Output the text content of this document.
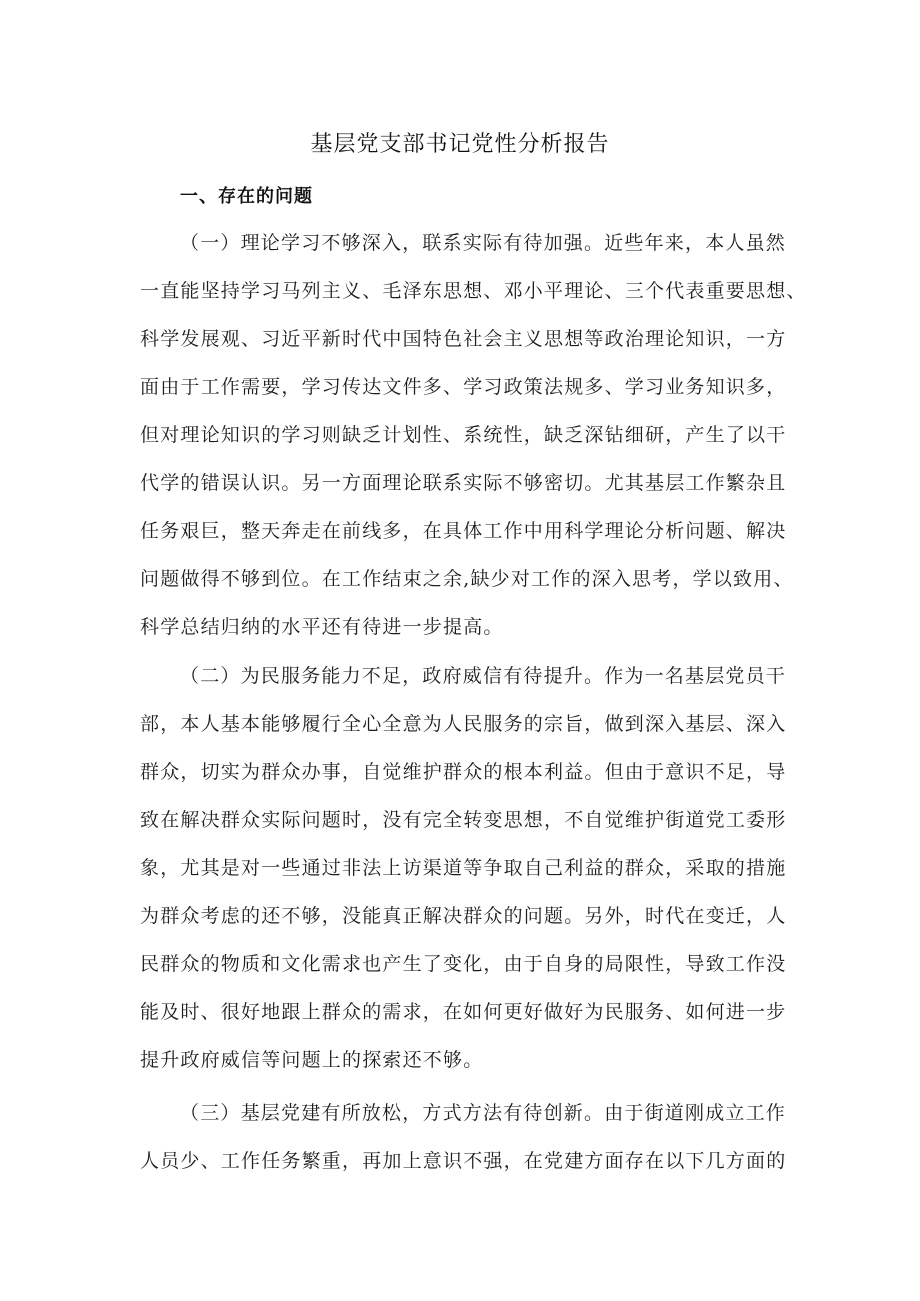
基层党支部书记党性分析报告
一、存在的问题
（一）理论学习不够深入，联系实际有待加强。近些年来，本人虽然
一直能坚持学习马列主义、毛泽东思想、邓小平理论、三个代表重要思想、
科学发展观、习近平新时代中国特色社会主义思想等政治理论知识，一方
面由于工作需要，学习传达文件多、学习政策法规多、学习业务知识多，
但对理论知识的学习则缺乏计划性、系统性，缺乏深钻细研，产生了以干
代学的错误认识。另一方面理论联系实际不够密切。尤其基层工作繁杂且
任务艰巨，整天奔走在前线多，在具体工作中用科学理论分析问题、解决
问题做得不够到位。在工作结束之余,缺少对工作的深入思考，学以致用、
科学总结归纳的水平还有待进一步提高。
（二）为民服务能力不足，政府威信有待提升。作为一名基层党员干
部，本人基本能够履行全心全意为人民服务的宗旨，做到深入基层、深入
群众，切实为群众办事，自觉维护群众的根本利益。但由于意识不足，导
致在解决群众实际问题时，没有完全转变思想，不自觉维护街道党工委形
象，尤其是对一些通过非法上访渠道等争取自己利益的群众，采取的措施
为群众考虑的还不够，没能真正解决群众的问题。另外，时代在变迁，人
民群众的物质和文化需求也产生了变化，由于自身的局限性，导致工作没
能及时、很好地跟上群众的需求，在如何更好做好为民服务、如何进一步
提升政府威信等问题上的探索还不够。
（三）基层党建有所放松，方式方法有待创新。由于街道刚成立工作
人员少、工作任务繁重，再加上意识不强，在党建方面存在以下几方面的
